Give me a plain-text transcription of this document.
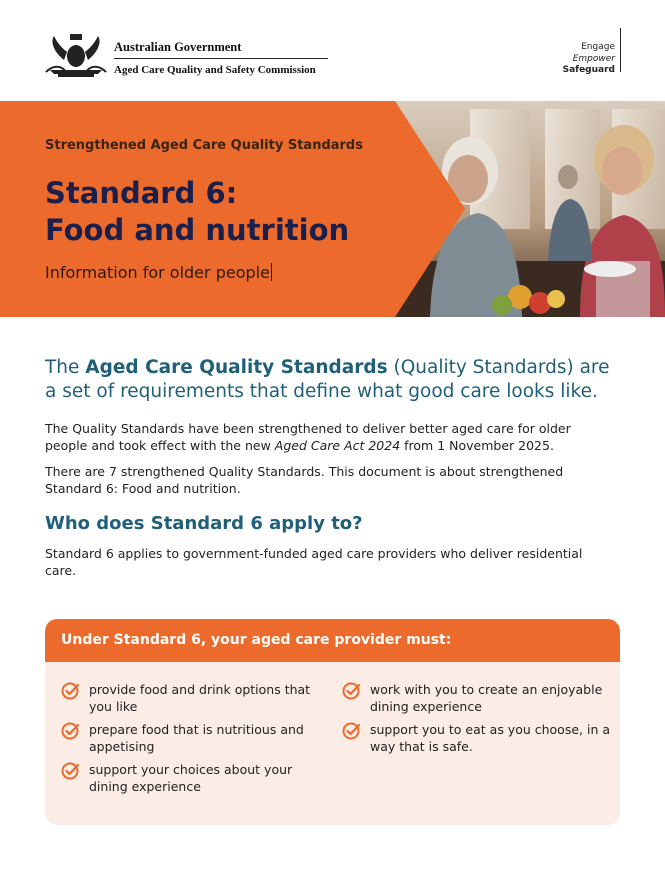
Australian Government
Aged Care Quality and Safety Commission
Engage
Empower
Safeguard
Strengthened Aged Care Quality Standards
Standard 6:
Food and nutrition
Information for older people
The Aged Care Quality Standards (Quality Standards) are a set of requirements that define what good care looks like.
The Quality Standards have been strengthened to deliver better aged care for older people and took effect with the new Aged Care Act 2024 from 1 November 2025.
There are 7 strengthened Quality Standards. This document is about strengthened Standard 6: Food and nutrition.
Who does Standard 6 apply to?
Standard 6 applies to government-funded aged care providers who deliver residential care.
Under Standard 6, your aged care provider must:
provide food and drink options that you like
prepare food that is nutritious and appetising
support your choices about your dining experience
work with you to create an enjoyable dining experience
support you to eat as you choose, in a way that is safe.
